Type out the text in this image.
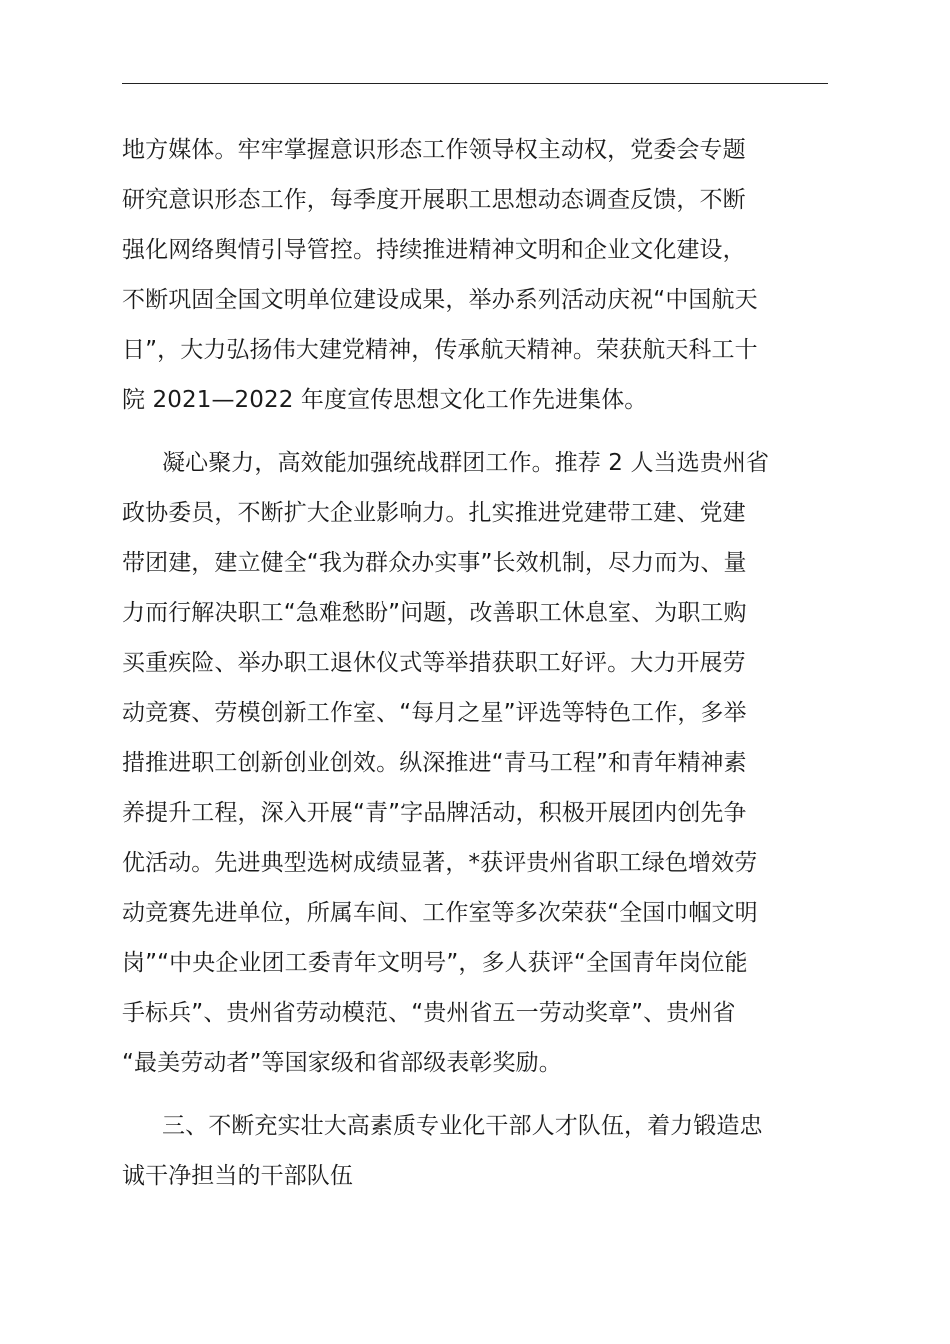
地方媒体。牢牢掌握意识形态工作领导权主动权，党委会专题
研究意识形态工作，每季度开展职工思想动态调查反馈，不断
强化网络舆情引导管控。持续推进精神文明和企业文化建设，
不断巩固全国文明单位建设成果，举办系列活动庆祝“中国航天
日”，大力弘扬伟大建党精神，传承航天精神。荣获航天科工十
院 2021—2022 年度宣传思想文化工作先进集体。
凝心聚力，高效能加强统战群团工作。推荐 2 人当选贵州省
政协委员，不断扩大企业影响力。扎实推进党建带工建、党建
带团建，建立健全“我为群众办实事”长效机制，尽力而为、量
力而行解决职工“急难愁盼”问题，改善职工休息室、为职工购
买重疾险、举办职工退休仪式等举措获职工好评。大力开展劳
动竞赛、劳模创新工作室、“每月之星”评选等特色工作，多举
措推进职工创新创业创效。纵深推进“青马工程”和青年精神素
养提升工程，深入开展“青”字品牌活动，积极开展团内创先争
优活动。先进典型选树成绩显著，*获评贵州省职工绿色增效劳
动竞赛先进单位，所属车间、工作室等多次荣获“全国巾帼文明
岗”“中央企业团工委青年文明号”，多人获评“全国青年岗位能
手标兵”、贵州省劳动模范、“贵州省五一劳动奖章”、贵州省
“最美劳动者”等国家级和省部级表彰奖励。
三、不断充实壮大高素质专业化干部人才队伍，着力锻造忠
诚干净担当的干部队伍
